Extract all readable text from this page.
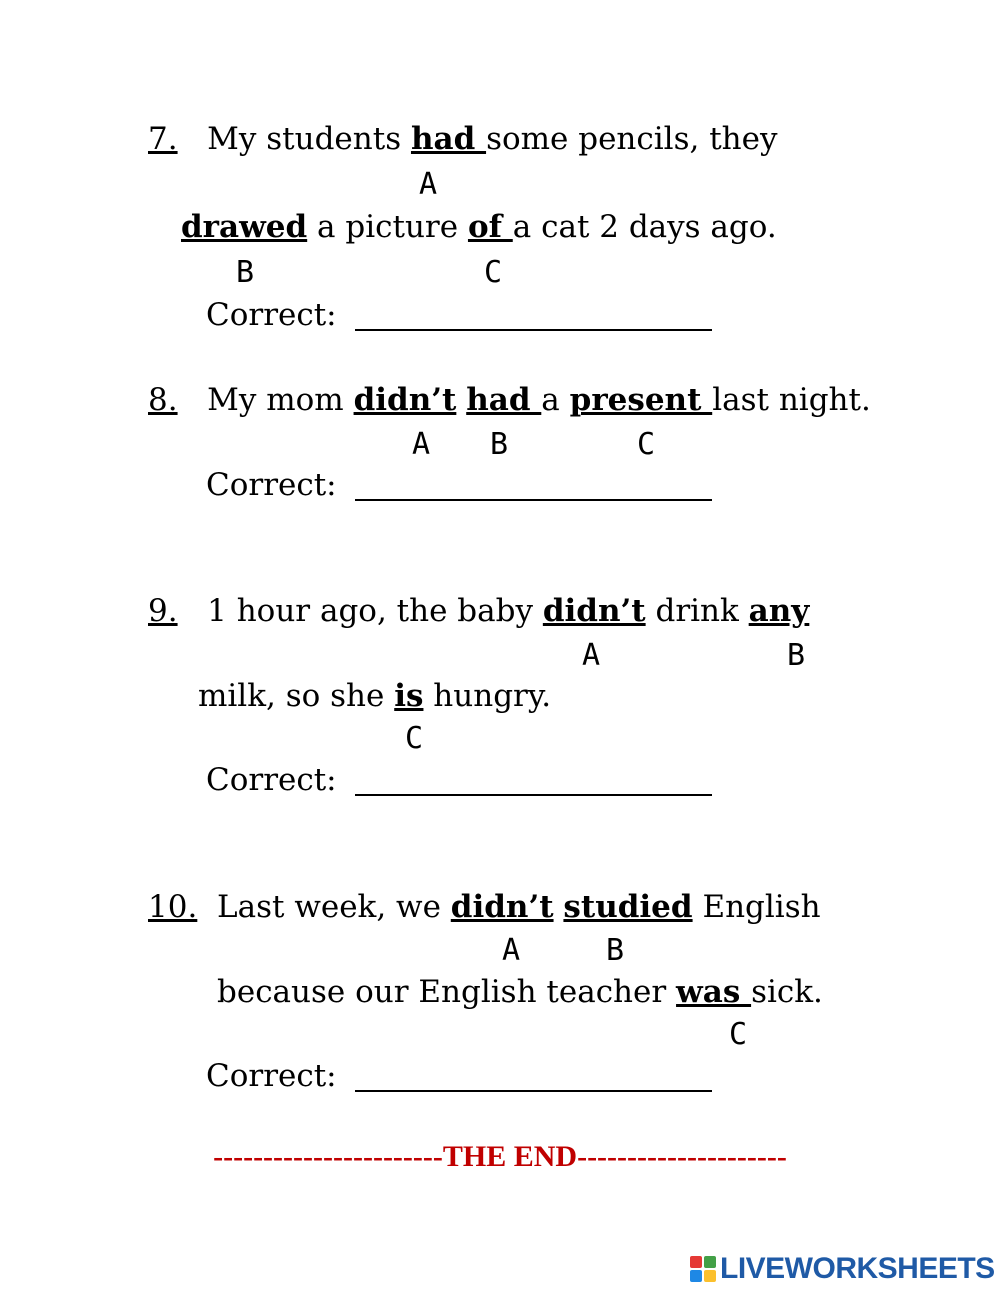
7. My students had some pencils, they
A
drawed a picture of a cat 2 days ago.
B	C
Correct:
8. My mom didn’t had a present last night.
A B	C
Correct:
9. 1 hour ago, the baby didn’t drink any
A	B
milk, so she is hungry.
C
Correct:
10. Last week, we didn’t studied English
A	B
because our English teacher was sick.
C
Correct:
-----------------------THE END---------------------
LIVEWORKSHEETS
